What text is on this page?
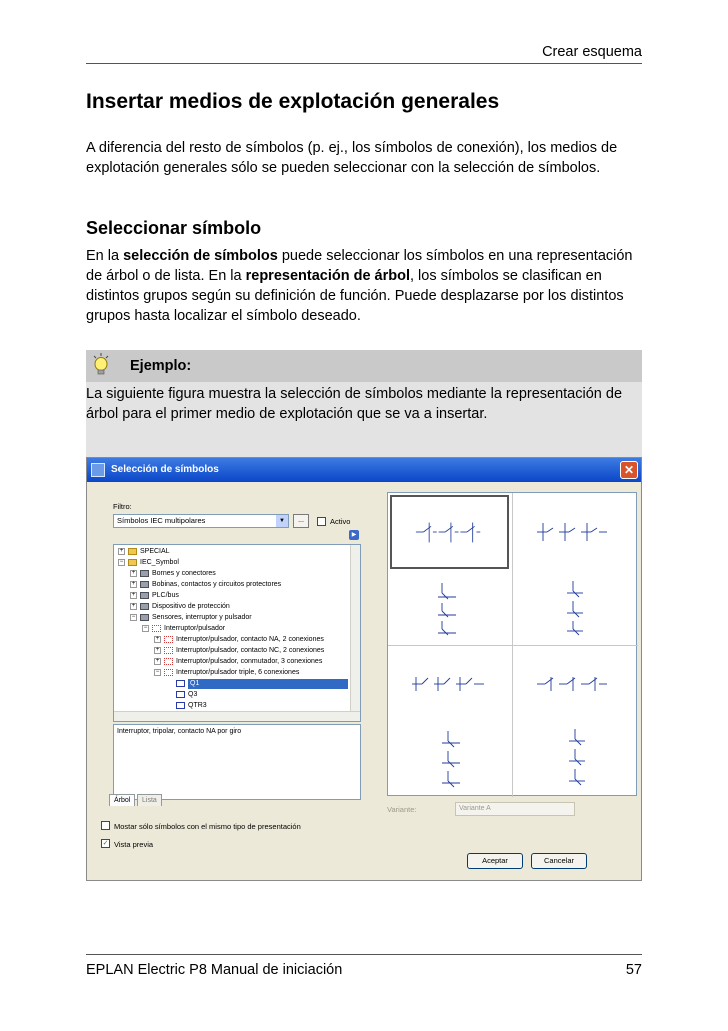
Crear esquema
Insertar medios de explotación generales
A diferencia del resto de símbolos (p. ej., los símbolos de conexión), los medios de explotación generales sólo se pueden seleccionar con la selección de símbolos.
Seleccionar símbolo
En la selección de símbolos puede seleccionar los símbolos en una representación de árbol o de lista. En la representación de árbol, los símbolos se clasifican en distintos grupos según su definición de función. Puede desplazarse por los distintos grupos hasta localizar el símbolo deseado.
Ejemplo:
La siguiente figura muestra la selección de símbolos mediante la representación de árbol para el primer medio de explotación que se va a insertar.
Selección de símbolos	✕
Filtro:
Símbolos IEC multipolares	▼	...	Activo
▶
+ SPECIAL
− IEC_Symbol
+ Bornes y conectores
+ Bobinas, contactos y circuitos protectores
+ PLC/bus
+ Dispositivo de protección
− Sensores, interruptor y pulsador
− Interruptor/pulsador
+ Interruptor/pulsador, contacto NA, 2 conexiones
+ Interruptor/pulsador, contacto NC, 2 conexiones
+ Interruptor/pulsador, conmutador, 3 conexiones
− Interruptor/pulsador triple, 6 conexiones
Q1
Q3
QTR3
Interruptor, tripolar, contacto NA por giro
Árbol	Lista
Variante:	Variante A
Mostar sólo símbolos con el mismo tipo de presentación
✓ Vista previa
Aceptar	Cancelar
EPLAN Electric P8 Manual de iniciación	57
